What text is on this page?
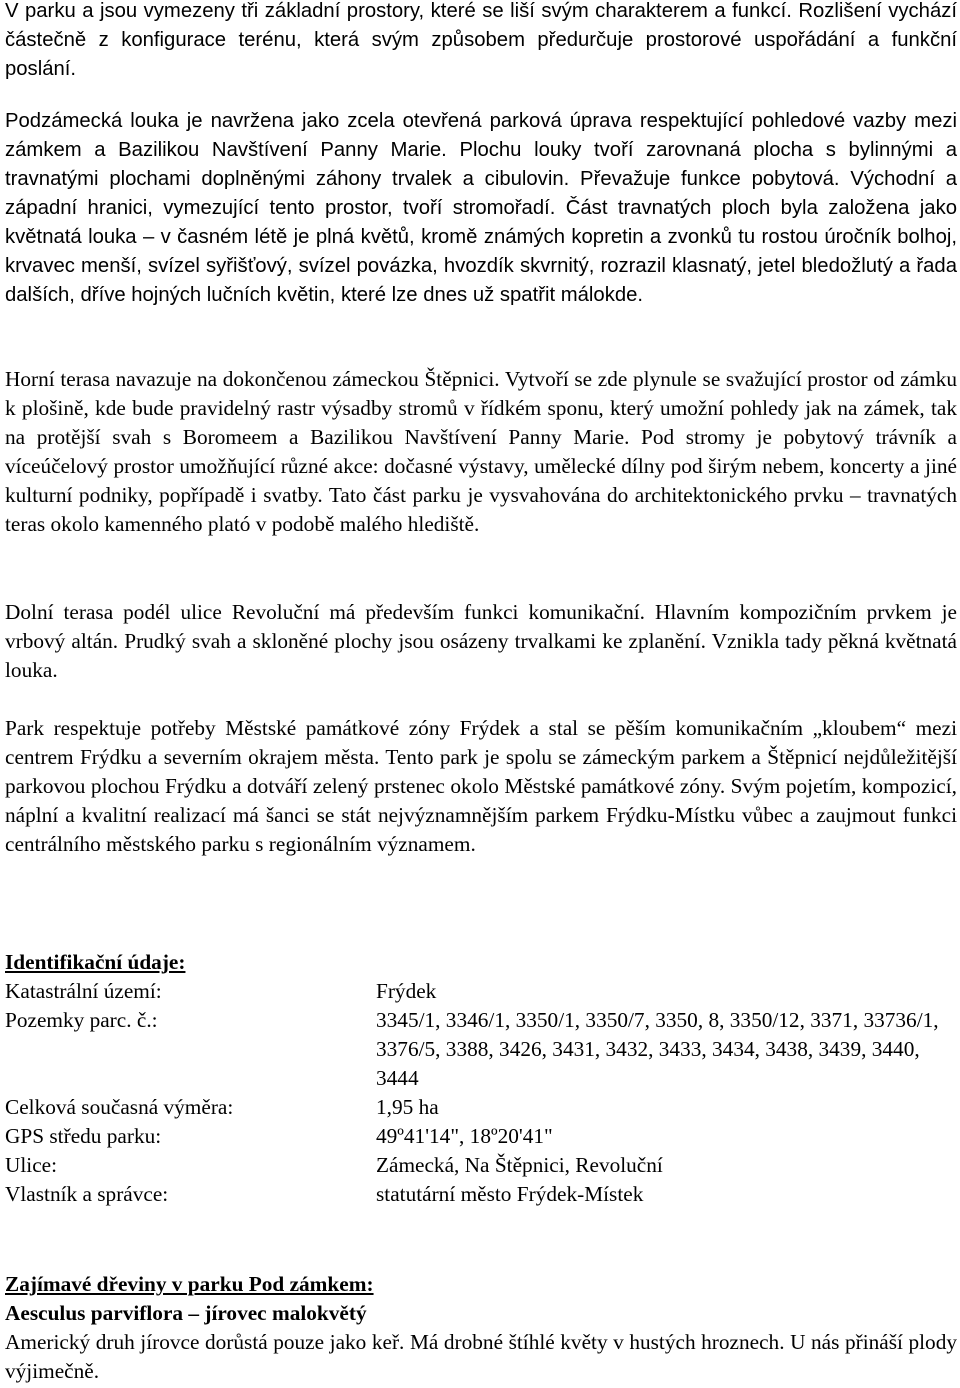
V parku a jsou vymezeny tři základní prostory, které se liší svým charakterem a funkcí. Rozlišení vychází částečně z konfigurace terénu, která svým způsobem předurčuje prostorové uspořádání a funkční poslání.

Podzámecká louka je navržena jako zcela otevřená parková úprava respektující pohledové vazby mezi zámkem a Bazilikou Navštívení Panny Marie. Plochu louky tvoří zarovnaná plocha s bylinnými a travnatými plochami doplněnými záhony trvalek a cibulovin. Převažuje funkce pobytová. Východní a západní hranici, vymezující tento prostor, tvoří stromořadí. Část travnatých ploch byla založena jako květnatá louka – v časném létě je plná květů, kromě známých kopretin a zvonků tu rostou úročník bolhoj, krvavec menší, svízel syřišťový, svízel povázka, hvozdík skvrnitý, rozrazil klasnatý, jetel bledožlutý a řada dalších, dříve hojných lučních květin, které lze dnes už spatřit málokde.

Horní terasa navazuje na dokončenou zámeckou Štěpnici. Vytvoří se zde plynule se svažující prostor od zámku k plošině, kde bude pravidelný rastr výsadby stromů v řídkém sponu, který umožní pohledy jak na zámek, tak na protější svah s Boromeem a Bazilikou Navštívení Panny Marie. Pod stromy je pobytový trávník a víceúčelový prostor umožňující různé akce: dočasné výstavy, umělecké dílny pod širým nebem, koncerty a jiné kulturní podniky, popřípadě i svatby. Tato část parku je vysvahována do architektonického prvku – travnatých teras okolo kamenného plató v podobě malého hlediště.

Dolní terasa podél ulice Revoluční má především funkci komunikační. Hlavním kompozičním prvkem je vrbový altán. Prudký svah a skloněné plochy jsou osázeny trvalkami ke zplanění. Vznikla tady pěkná květnatá louka.

Park respektuje potřeby Městské památkové zóny Frýdek a stal se pěším komunikačním „kloubem“ mezi centrem Frýdku a severním okrajem města. Tento park je spolu se zámeckým parkem a Štěpnicí nejdůležitější parkovou plochou Frýdku a dotváří zelený prstenec okolo Městské památkové zóny. Svým pojetím, kompozicí, náplní a kvalitní realizací má šanci se stát nejvýznamnějším parkem Frýdku-Místku vůbec a zaujmout funkci centrálního městského parku s regionálním významem.

Identifikační údaje:
Katastrální území:	Frýdek
Pozemky parc. č.:	3345/1, 3346/1, 3350/1, 3350/7, 3350, 8, 3350/12, 3371, 33736/1, 3376/5, 3388, 3426, 3431, 3432, 3433, 3434, 3438, 3439, 3440, 3444
Celková současná výměra:	1,95 ha
GPS středu parku:	49º41'14", 18º20'41"
Ulice:	Zámecká, Na Štěpnici, Revoluční
Vlastník a správce:	statutární město Frýdek-Místek
Zajímavé dřeviny v parku Pod zámkem:
Aesculus parviflora – jírovec malokvětý

Americký druh jírovce dorůstá pouze jako keř. Má drobné štíhlé květy v hustých hroznech. U nás přináší plody výjimečně.
